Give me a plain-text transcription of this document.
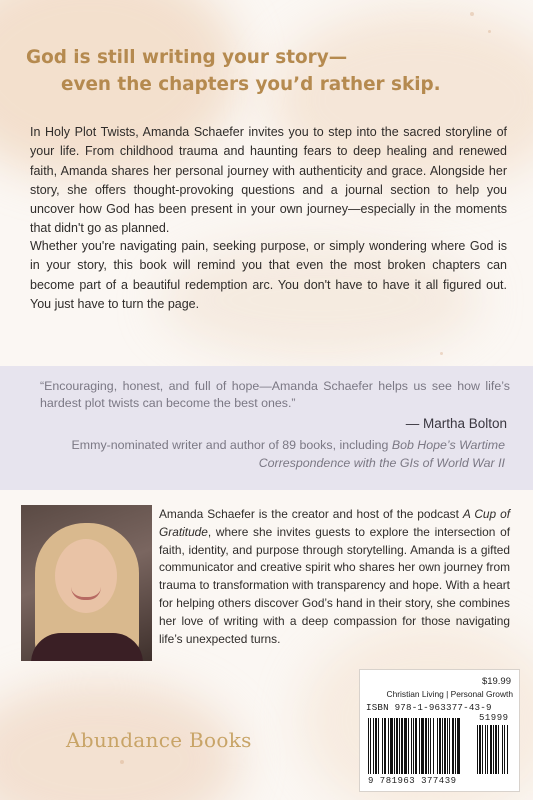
God is still writing your story—
even the chapters you’d rather skip.
In Holy Plot Twists, Amanda Schaefer invites you to step into the sacred storyline of your life. From childhood trauma and haunting fears to deep healing and renewed faith, Amanda shares her personal journey with authenticity and grace. Alongside her story, she offers thought-provoking questions and a journal section to help you uncover how God has been present in your own journey—especially in the moments that didn't go as planned.
Whether you're navigating pain, seeking purpose, or simply wondering where God is in your story, this book will remind you that even the most broken chapters can become part of a beautiful redemption arc. You don't have to have it all figured out. You just have to turn the page.
“Encouraging, honest, and full of hope—Amanda Schaefer helps us see how life’s hardest plot twists can become the best ones.”
— Martha Bolton
Emmy-nominated writer and author of 89 books, including Bob Hope’s Wartime Correspondence with the GIs of World War II
Amanda Schaefer is the creator and host of the podcast A Cup of Gratitude, where she invites guests to explore the intersection of faith, identity, and purpose through storytelling. Amanda is a gifted communicator and creative spirit who shares her own journey from trauma to transformation with transparency and hope. With a heart for helping others discover God’s hand in their story, she combines her love of writing with a deep compassion for those navigating life’s unexpected turns.
Abundance Books
$19.99
Christian Living | Personal Growth
ISBN 978-1-963377-43-9
51999
9 781963 377439
